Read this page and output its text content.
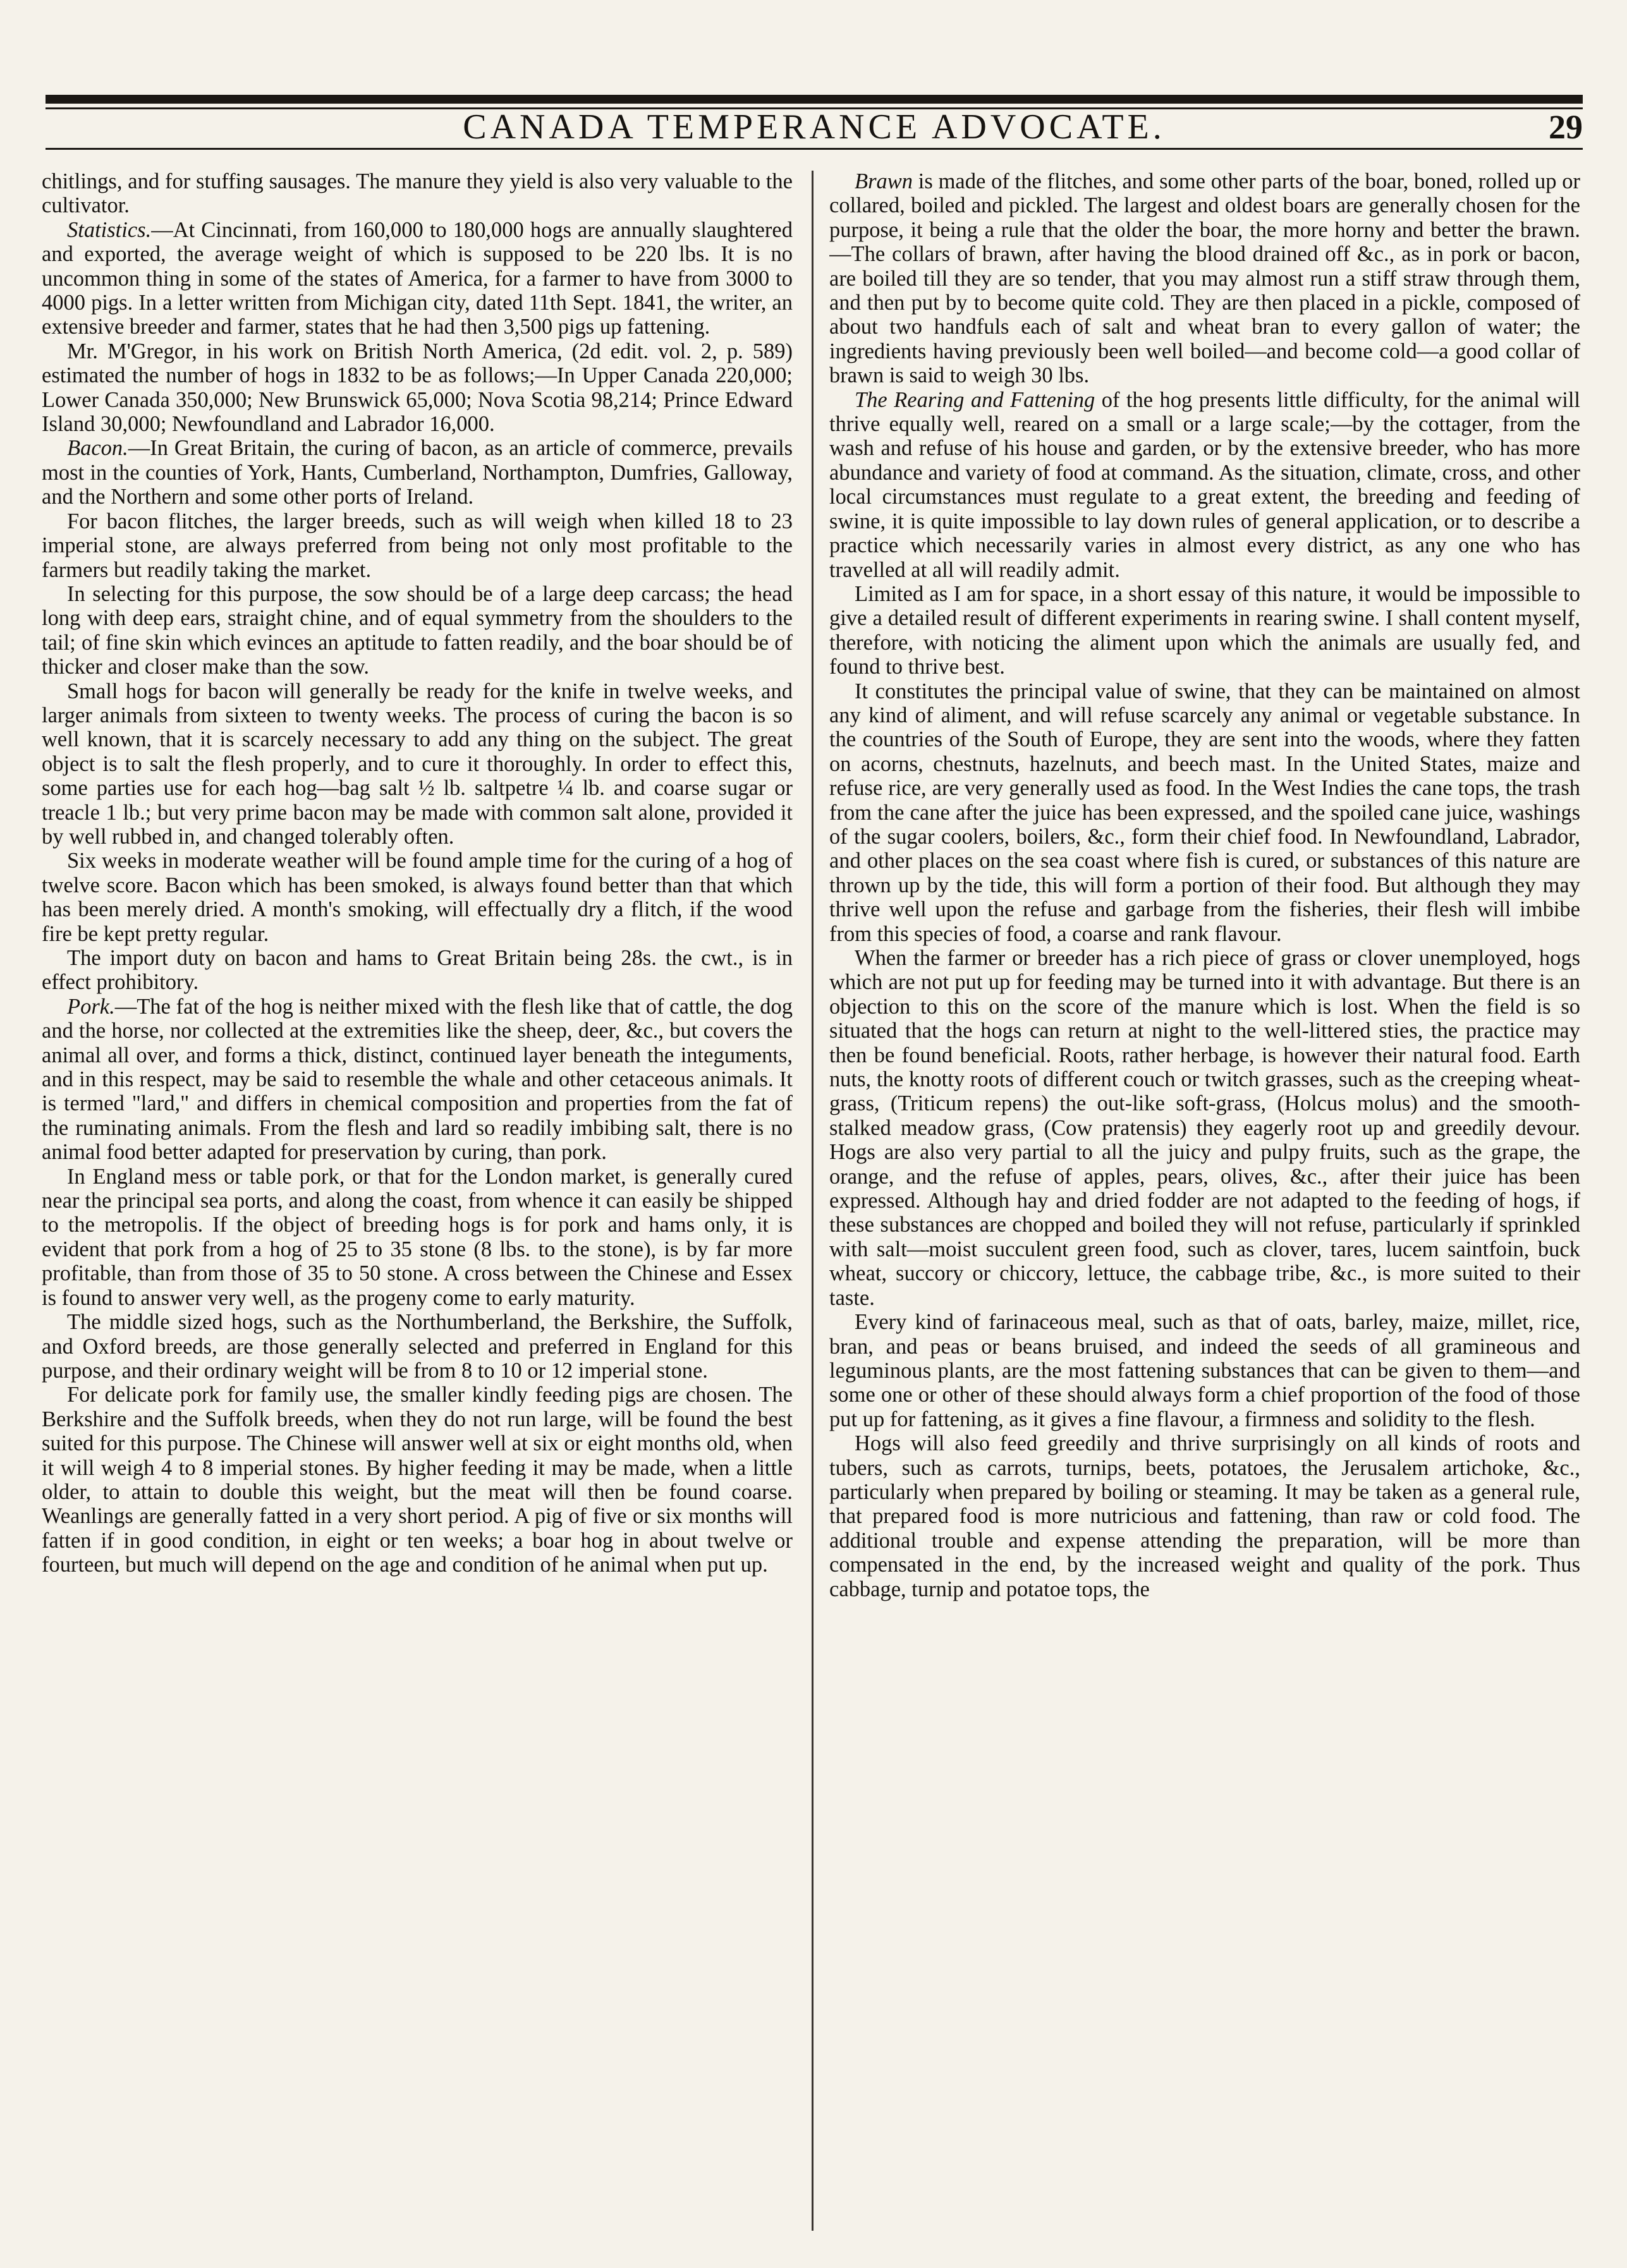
CANADA TEMPERANCE ADVOCATE.	29

chitlings, and for stuffing sausages. The manure they yield is also very valuable to the cultivator.

Statistics.—At Cincinnati, from 160,000 to 180,000 hogs are annually slaughtered and exported, the average weight of which is supposed to be 220 lbs. It is no uncommon thing in some of the states of America, for a farmer to have from 3000 to 4000 pigs. In a letter written from Michigan city, dated 11th Sept. 1841, the writer, an extensive breeder and farmer, states that he had then 3,500 pigs up fattening.

Mr. M'Gregor, in his work on British North America, (2d edit. vol. 2, p. 589) estimated the number of hogs in 1832 to be as follows;—In Upper Canada 220,000; Lower Canada 350,000; New Brunswick 65,000; Nova Scotia 98,214; Prince Edward Island 30,000; Newfoundland and Labrador 16,000.

Bacon.—In Great Britain, the curing of bacon, as an article of commerce, prevails most in the counties of York, Hants, Cumberland, Northampton, Dumfries, Galloway, and the Northern and some other ports of Ireland.

For bacon flitches, the larger breeds, such as will weigh when killed 18 to 23 imperial stone, are always preferred from being not only most profitable to the farmers but readily taking the market.

In selecting for this purpose, the sow should be of a large deep carcass; the head long with deep ears, straight chine, and of equal symmetry from the shoulders to the tail; of fine skin which evinces an aptitude to fatten readily, and the boar should be of thicker and closer make than the sow.

Small hogs for bacon will generally be ready for the knife in twelve weeks, and larger animals from sixteen to twenty weeks. The process of curing the bacon is so well known, that it is scarcely necessary to add any thing on the subject. The great object is to salt the flesh properly, and to cure it thoroughly. In order to effect this, some parties use for each hog—bag salt ½ lb. saltpetre ¼ lb. and coarse sugar or treacle 1 lb.; but very prime bacon may be made with common salt alone, provided it by well rubbed in, and changed tolerably often.

Six weeks in moderate weather will be found ample time for the curing of a hog of twelve score. Bacon which has been smoked, is always found better than that which has been merely dried. A month's smoking, will effectually dry a flitch, if the wood fire be kept pretty regular.

The import duty on bacon and hams to Great Britain being 28s. the cwt., is in effect prohibitory.

Pork.—The fat of the hog is neither mixed with the flesh like that of cattle, the dog and the horse, nor collected at the extremities like the sheep, deer, &c., but covers the animal all over, and forms a thick, distinct, continued layer beneath the integuments, and in this respect, may be said to resemble the whale and other cetaceous animals. It is termed "lard," and differs in chemical composition and properties from the fat of the ruminating animals. From the flesh and lard so readily imbibing salt, there is no animal food better adapted for preservation by curing, than pork.

In England mess or table pork, or that for the London market, is generally cured near the principal sea ports, and along the coast, from whence it can easily be shipped to the metropolis. If the object of breeding hogs is for pork and hams only, it is evident that pork from a hog of 25 to 35 stone (8 lbs. to the stone), is by far more profitable, than from those of 35 to 50 stone. A cross between the Chinese and Essex is found to answer very well, as the progeny come to early maturity.

The middle sized hogs, such as the Northumberland, the Berkshire, the Suffolk, and Oxford breeds, are those generally selected and preferred in England for this purpose, and their ordinary weight will be from 8 to 10 or 12 imperial stone.

For delicate pork for family use, the smaller kindly feeding pigs are chosen. The Berkshire and the Suffolk breeds, when they do not run large, will be found the best suited for this purpose. The Chinese will answer well at six or eight months old, when it will weigh 4 to 8 imperial stones. By higher feeding it may be made, when a little older, to attain to double this weight, but the meat will then be found coarse. Weanlings are generally fatted in a very short period. A pig of five or six months will fatten if in good condition, in eight or ten weeks; a boar hog in about twelve or fourteen, but much will depend on the age and condition of he animal when put up.

Brawn is made of the flitches, and some other parts of the boar, boned, rolled up or collared, boiled and pickled. The largest and oldest boars are generally chosen for the purpose, it being a rule that the older the boar, the more horny and better the brawn.—The collars of brawn, after having the blood drained off &c., as in pork or bacon, are boiled till they are so tender, that you may almost run a stiff straw through them, and then put by to become quite cold. They are then placed in a pickle, composed of about two handfuls each of salt and wheat bran to every gallon of water; the ingredients having previously been well boiled—and become cold—a good collar of brawn is said to weigh 30 lbs.

The Rearing and Fattening of the hog presents little difficulty, for the animal will thrive equally well, reared on a small or a large scale;—by the cottager, from the wash and refuse of his house and garden, or by the extensive breeder, who has more abundance and variety of food at command. As the situation, climate, cross, and other local circumstances must regulate to a great extent, the breeding and feeding of swine, it is quite impossible to lay down rules of general application, or to describe a practice which necessarily varies in almost every district, as any one who has travelled at all will readily admit.

Limited as I am for space, in a short essay of this nature, it would be impossible to give a detailed result of different experiments in rearing swine. I shall content myself, therefore, with noticing the aliment upon which the animals are usually fed, and found to thrive best.

It constitutes the principal value of swine, that they can be maintained on almost any kind of aliment, and will refuse scarcely any animal or vegetable substance. In the countries of the South of Europe, they are sent into the woods, where they fatten on acorns, chestnuts, hazelnuts, and beech mast. In the United States, maize and refuse rice, are very generally used as food. In the West Indies the cane tops, the trash from the cane after the juice has been expressed, and the spoiled cane juice, washings of the sugar coolers, boilers, &c., form their chief food. In Newfoundland, Labrador, and other places on the sea coast where fish is cured, or substances of this nature are thrown up by the tide, this will form a portion of their food. But although they may thrive well upon the refuse and garbage from the fisheries, their flesh will imbibe from this species of food, a coarse and rank flavour.

When the farmer or breeder has a rich piece of grass or clover unemployed, hogs which are not put up for feeding may be turned into it with advantage. But there is an objection to this on the score of the manure which is lost. When the field is so situated that the hogs can return at night to the well-littered sties, the practice may then be found beneficial. Roots, rather herbage, is however their natural food. Earth nuts, the knotty roots of different couch or twitch grasses, such as the creeping wheat-grass, (Triticum repens) the out-like soft-grass, (Holcus molus) and the smooth-stalked meadow grass, (Cow pratensis) they eagerly root up and greedily devour. Hogs are also very partial to all the juicy and pulpy fruits, such as the grape, the orange, and the refuse of apples, pears, olives, &c., after their juice has been expressed. Although hay and dried fodder are not adapted to the feeding of hogs, if these substances are chopped and boiled they will not refuse, particularly if sprinkled with salt—moist succulent green food, such as clover, tares, lucem saintfoin, buck wheat, succory or chiccory, lettuce, the cabbage tribe, &c., is more suited to their taste.

Every kind of farinaceous meal, such as that of oats, barley, maize, millet, rice, bran, and peas or beans bruised, and indeed the seeds of all gramineous and leguminous plants, are the most fattening substances that can be given to them—and some one or other of these should always form a chief proportion of the food of those put up for fattening, as it gives a fine flavour, a firmness and solidity to the flesh.

Hogs will also feed greedily and thrive surprisingly on all kinds of roots and tubers, such as carrots, turnips, beets, potatoes, the Jerusalem artichoke, &c., particularly when prepared by boiling or steaming. It may be taken as a general rule, that prepared food is more nutricious and fattening, than raw or cold food. The additional trouble and expense attending the preparation, will be more than compensated in the end, by the increased weight and quality of the pork. Thus cabbage, turnip and potatoe tops, the
